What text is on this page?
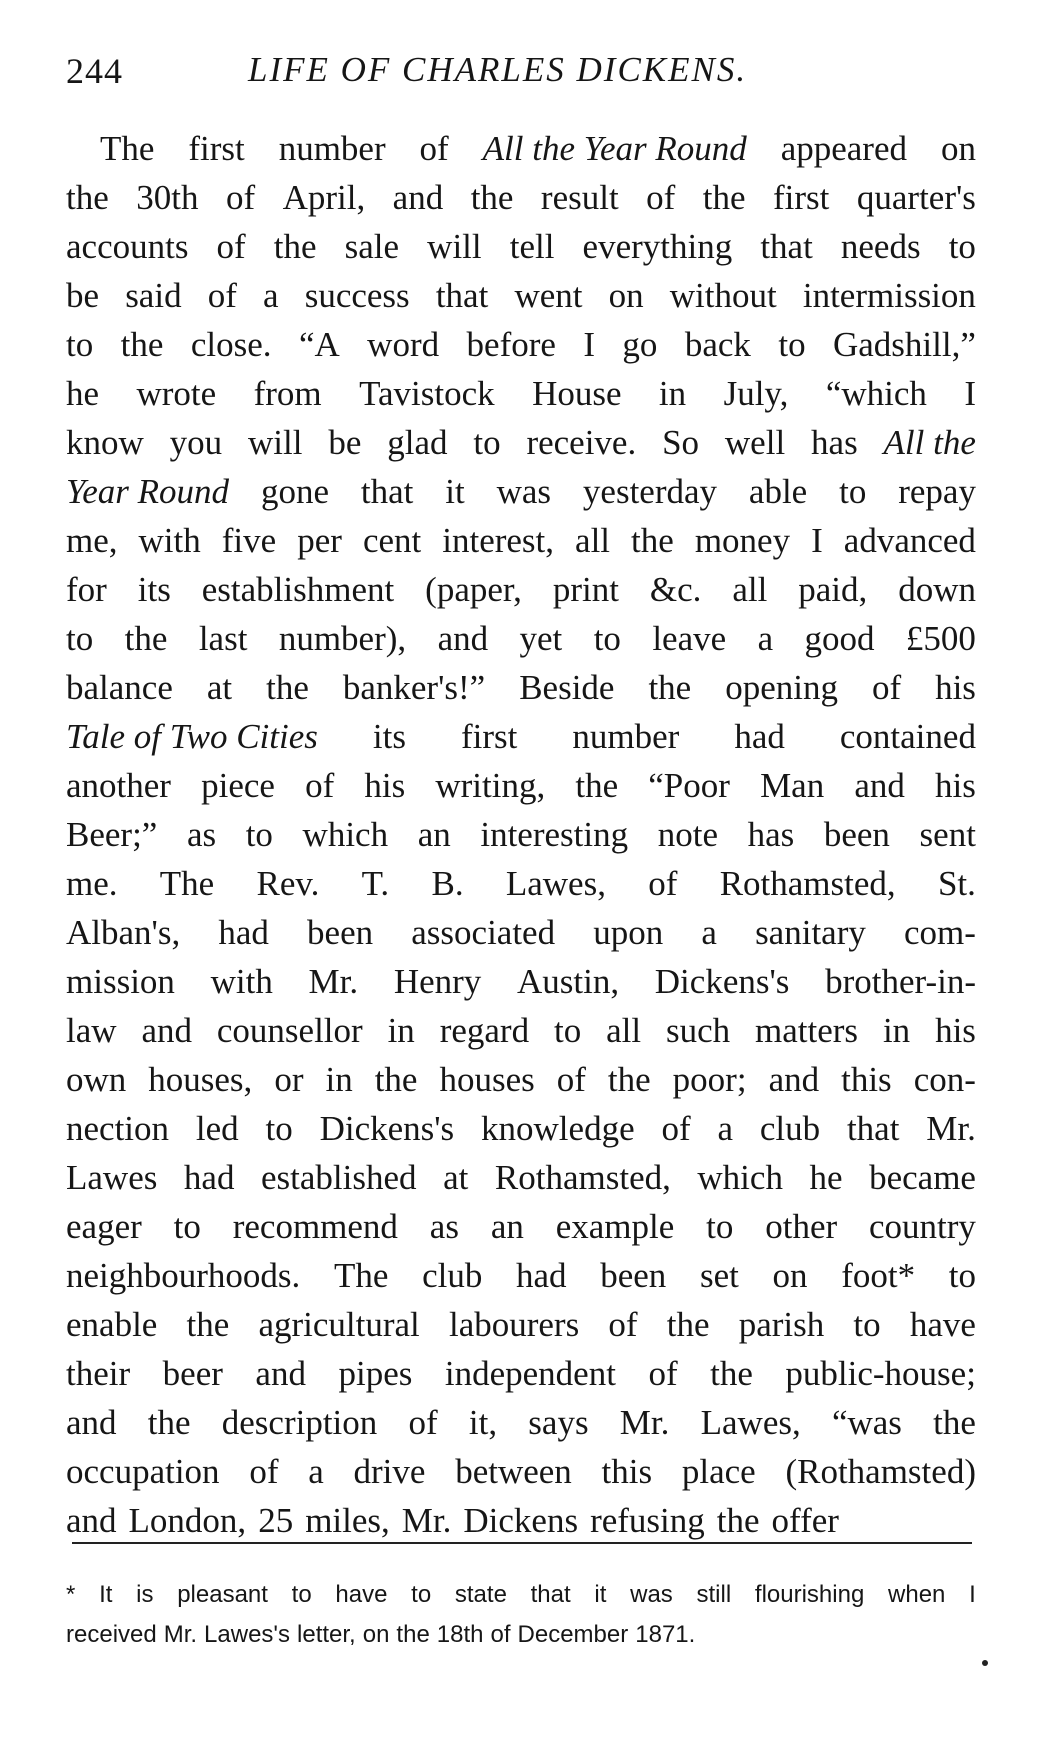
244	LIFE OF CHARLES DICKENS.
The first number of All the Year Round appeared on
the 30th of April, and the result of the first quarter's
accounts of the sale will tell everything that needs to
be said of a success that went on without intermission
to the close. “A word before I go back to Gadshill,”
he wrote from Tavistock House in July, “which I
know you will be glad to receive. So well has All the
Year Round gone that it was yesterday able to repay
me, with five per cent interest, all the money I advanced
for its establishment (paper, print &c. all paid, down
to the last number), and yet to leave a good £500
balance at the banker's!” Beside the opening of his
Tale of Two Cities its first number had contained
another piece of his writing, the “Poor Man and his
Beer;” as to which an interesting note has been sent
me. The Rev. T. B. Lawes, of Rothamsted, St.
Alban's, had been associated upon a sanitary com-
mission with Mr. Henry Austin, Dickens's brother-in-
law and counsellor in regard to all such matters in his
own houses, or in the houses of the poor; and this con-
nection led to Dickens's knowledge of a club that Mr.
Lawes had established at Rothamsted, which he became
eager to recommend as an example to other country
neighbourhoods. The club had been set on foot* to
enable the agricultural labourers of the parish to have
their beer and pipes independent of the public-house;
and the description of it, says Mr. Lawes, “was the
occupation of a drive between this place (Rothamsted)
and London, 25 miles, Mr. Dickens refusing the offer
* It is pleasant to have to state that it was still flourishing when I
received Mr. Lawes's letter, on the 18th of December 1871.
